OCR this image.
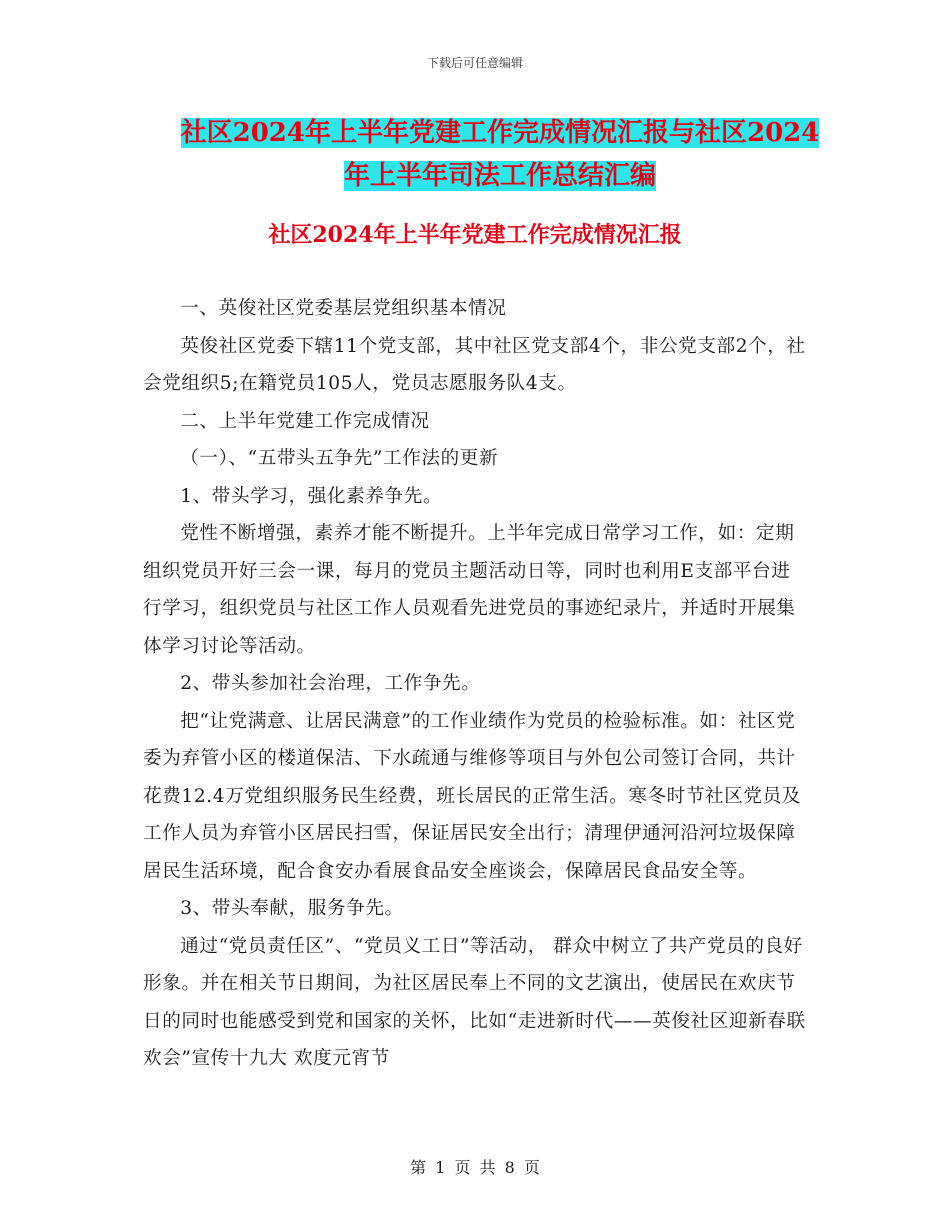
下载后可任意编辑
社区2024年上半年党建工作完成情况汇报与社区2024
年上半年司法工作总结汇编
社区2024年上半年党建工作完成情况汇报

一、英俊社区党委基层党组织基本情况

英俊社区党委下辖11个党支部，其中社区党支部4个，非公党支部2个，社会党组织5;在籍党员105人，党员志愿服务队4支。

二、上半年党建工作完成情况

（一）、“五带头五争先”工作法的更新

1、带头学习，强化素养争先。

党性不断增强，素养才能不断提升。上半年完成日常学习工作，如：定期组织党员开好三会一课，每月的党员主题活动日等，同时也利用E支部平台进行学习，组织党员与社区工作人员观看先进党员的事迹纪录片，并适时开展集体学习讨论等活动。

2、带头参加社会治理，工作争先。

把“让党满意、让居民满意”的工作业绩作为党员的检验标准。如：社区党委为弃管小区的楼道保洁、下水疏通与维修等项目与外包公司签订合同，共计花费12.4万党组织服务民生经费，班长居民的正常生活。寒冬时节社区党员及工作人员为弃管小区居民扫雪，保证居民安全出行；清理伊通河沿河垃圾保障居民生活环境，配合食安办看展食品安全座谈会，保障居民食品安全等。

3、带头奉献，服务争先。

通过“党员责任区”、“党员义工日”等活动， 群众中树立了共产党员的良好形象。并在相关节日期间，为社区居民奉上不同的文艺演出，使居民在欢庆节日的同时也能感受到党和国家的关怀，比如“走进新时代——英俊社区迎新春联欢会”宣传十九大 欢度元宵节

第 1 页 共 8 页
